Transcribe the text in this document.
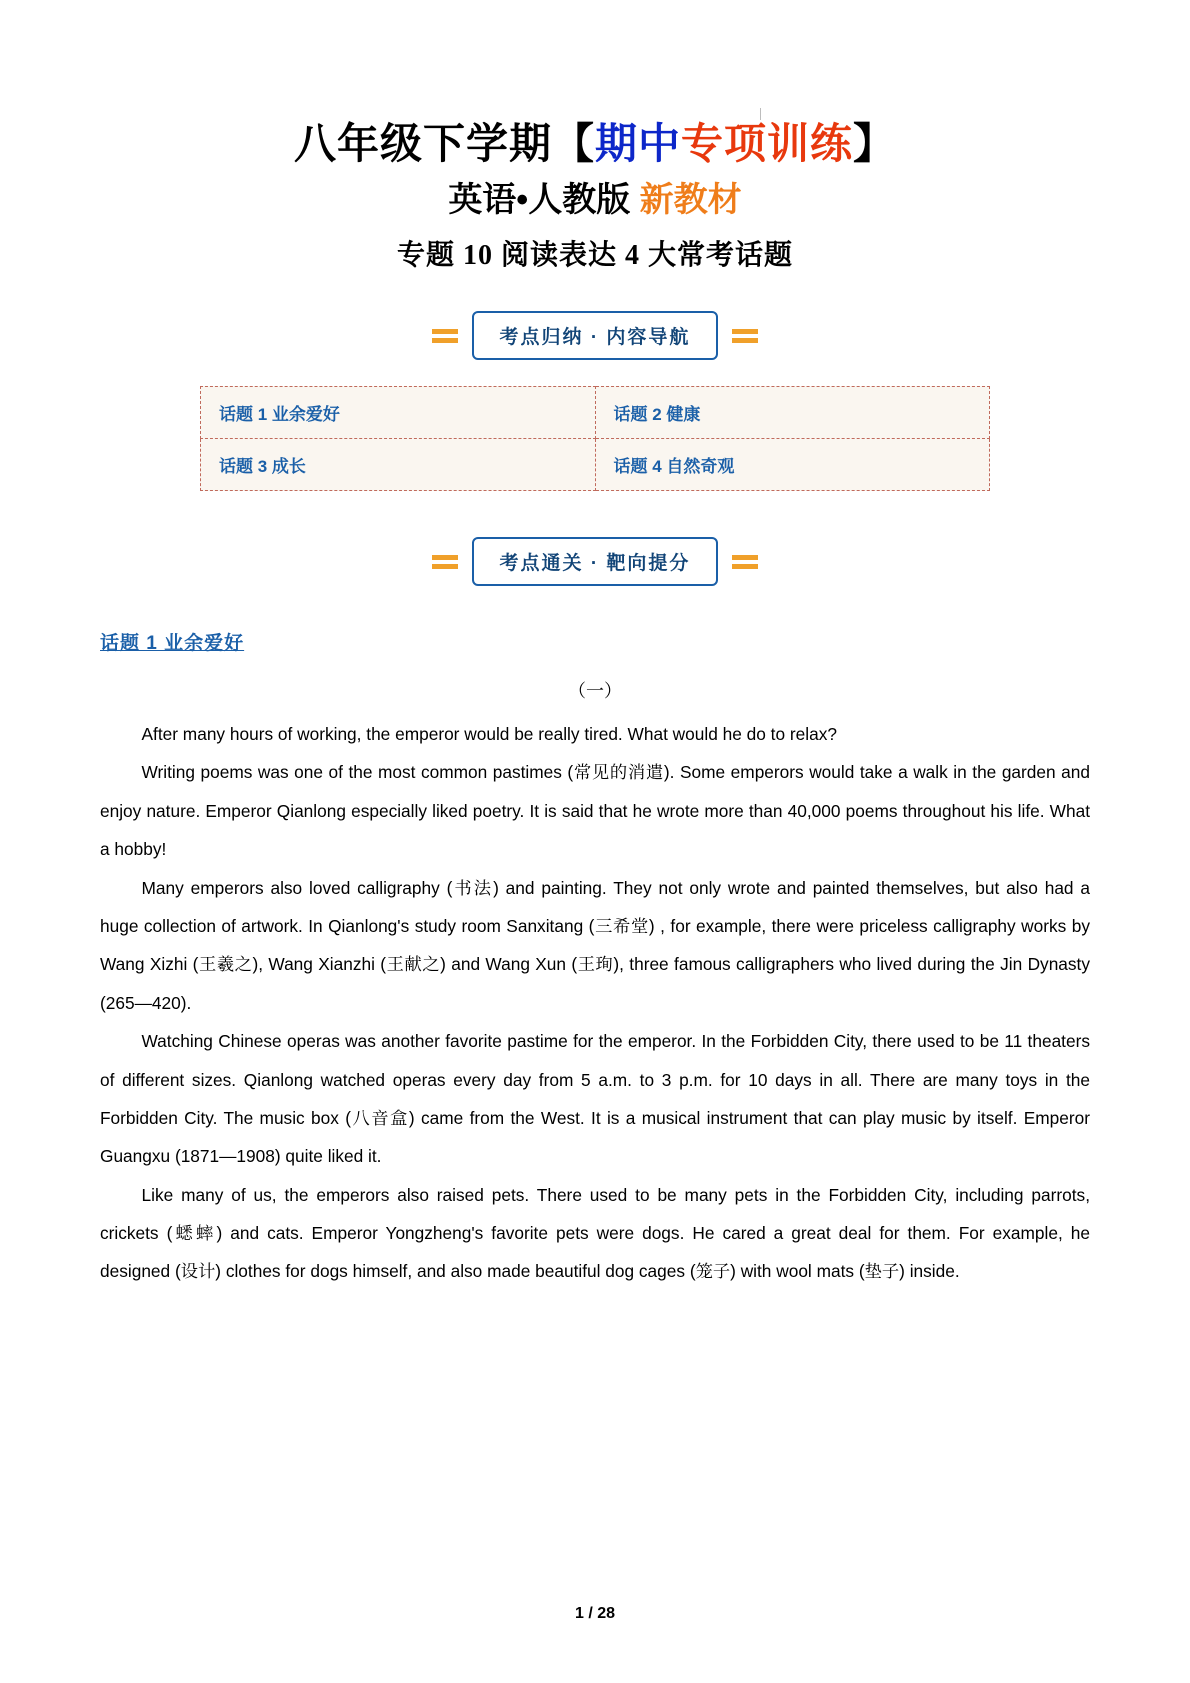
八年级下学期【期中专项训练】
英语•人教版 新教材
专题 10 阅读表达 4 大常考话题
考点归纳 · 内容导航
话题 1 业余爱好	话题 2 健康
话题 3 成长	话题 4 自然奇观
考点通关 · 靶向提分
话题 1 业余爱好
（一）

After many hours of working, the emperor would be really tired. What would he do to relax?

Writing poems was one of the most common pastimes (常见的消遣). Some emperors would take a walk in the garden and enjoy nature. Emperor Qianlong especially liked poetry. It is said that he wrote more than 40,000 poems throughout his life. What a hobby!

Many emperors also loved calligraphy (书法) and painting. They not only wrote and painted themselves, but also had a huge collection of artwork. In Qianlong's study room Sanxitang (三希堂) , for example, there were priceless calligraphy works by Wang Xizhi (王羲之), Wang Xianzhi (王献之) and Wang Xun (王珣), three famous calligraphers who lived during the Jin Dynasty (265—420).

Watching Chinese operas was another favorite pastime for the emperor. In the Forbidden City, there used to be 11 theaters of different sizes. Qianlong watched operas every day from 5 a.m. to 3 p.m. for 10 days in all. There are many toys in the Forbidden City. The music box (八音盒) came from the West. It is a musical instrument that can play music by itself. Emperor Guangxu (1871—1908) quite liked it.

Like many of us, the emperors also raised pets. There used to be many pets in the Forbidden City, including parrots, crickets (蟋蟀) and cats. Emperor Yongzheng's favorite pets were dogs. He cared a great deal for them. For example, he designed (设计) clothes for dogs himself, and also made beautiful dog cages (笼子) with wool mats (垫子) inside.

1 / 28
